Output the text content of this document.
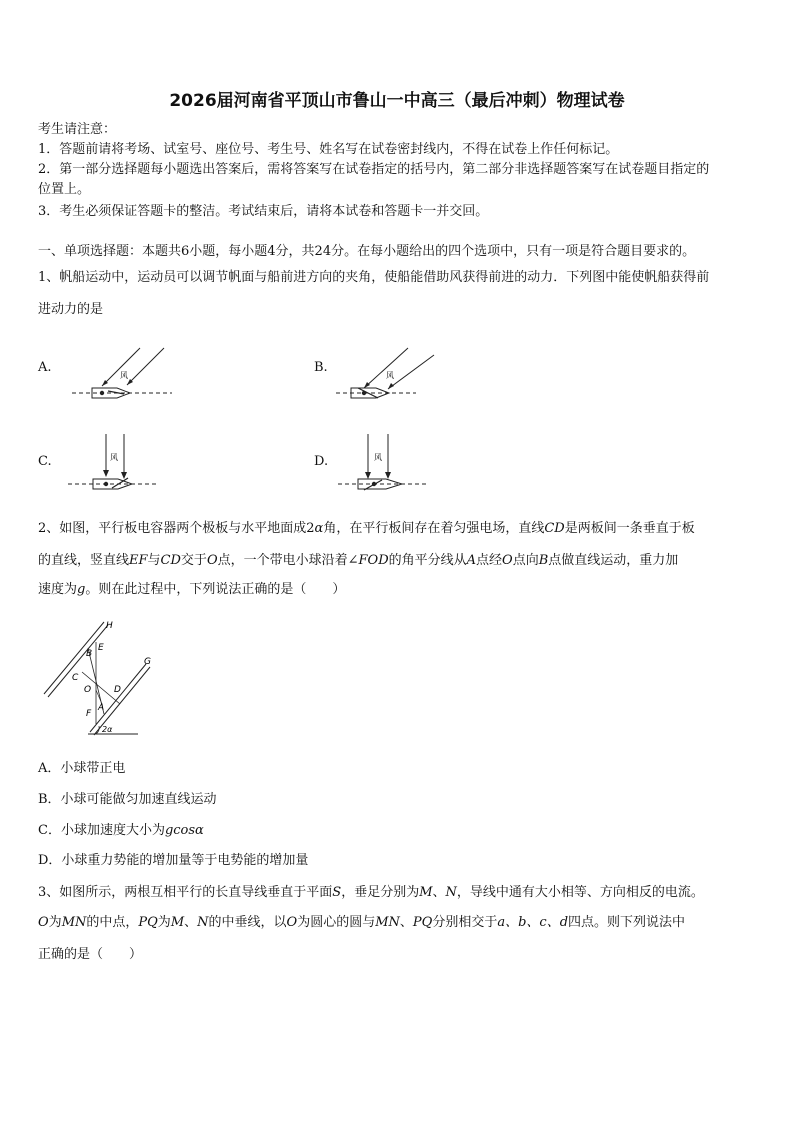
2026届河南省平顶山市鲁山一中高三（最后冲刺）物理试卷
考生请注意：
1．答题前请将考场、试室号、座位号、考生号、姓名写在试卷密封线内，不得在试卷上作任何标记。
2．第一部分选择题每小题选出答案后，需将答案写在试卷指定的括号内，第二部分非选择题答案写在试卷题目指定的
位置上。
3．考生必须保证答题卡的整洁。考试结束后，请将本试卷和答题卡一并交回。
一、单项选择题：本题共6小题，每小题4分，共24分。在每小题给出的四个选项中，只有一项是符合题目要求的。
1、帆船运动中，运动员可以调节帆面与船前进方向的夹角，使船能借助风获得前进的动力．下列图中能使帆船获得前
进动力的是
A.	B.
C.	D.
风	风
风	风
2、如图，平行板电容器两个极板与水平地面成2α角，在平行板间存在着匀强电场，直线CD是两板间一条垂直于板
的直线，竖直线EF与CD交于O点，一个带电小球沿着∠FOD的角平分线从A点经O点向B点做直线运动，重力加
速度为g。则在此过程中，下列说法正确的是（　　）
H
G
B
E
C
O	D
A
F
2α
A．小球带正电
B．小球可能做匀加速直线运动
C．小球加速度大小为gcosα
D．小球重力势能的增加量等于电势能的增加量
3、如图所示，两根互相平行的长直导线垂直于平面S，垂足分别为M、N，导线中通有大小相等、方向相反的电流。
O为MN的中点，PQ为M、N的中垂线，以O为圆心的圆与MN、PQ分别相交于a、b、c、d四点。则下列说法中
正确的是（　　）
